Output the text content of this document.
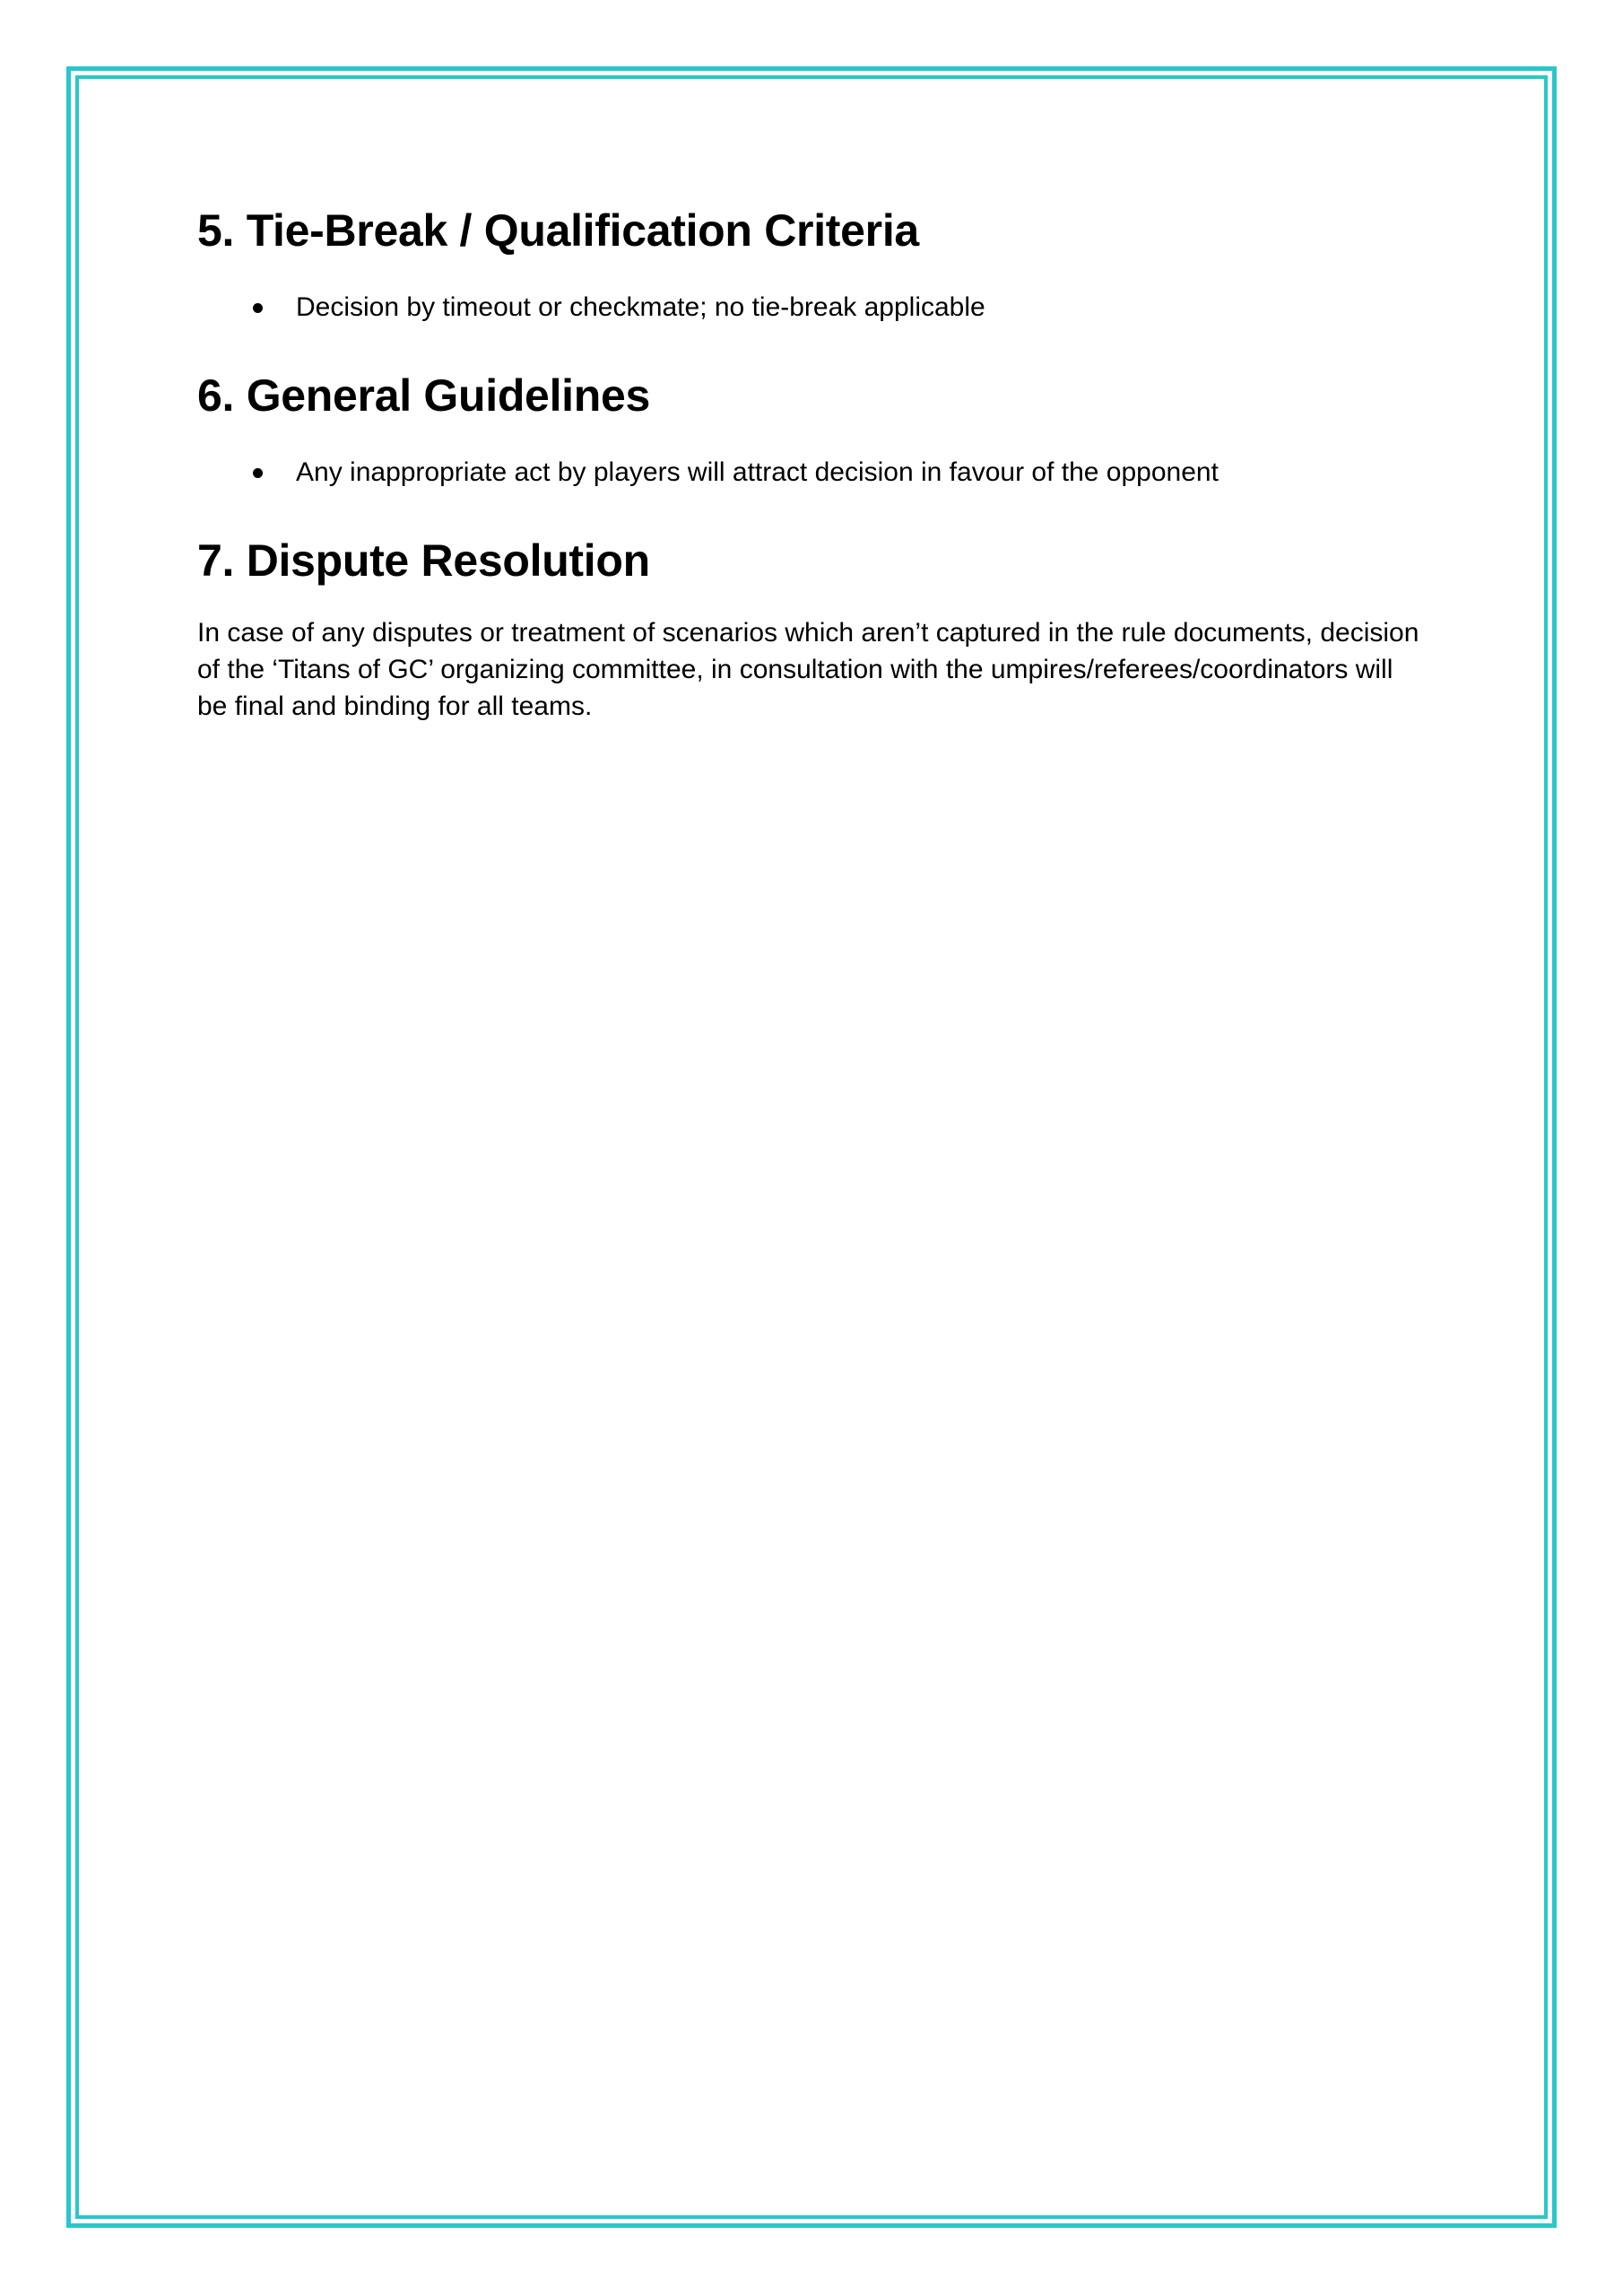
5. Tie-Break / Qualification Criteria
Decision by timeout or checkmate; no tie-break applicable
6. General Guidelines
Any inappropriate act by players will attract decision in favour of the opponent
7. Dispute Resolution

In case of any disputes or treatment of scenarios which aren’t captured in the rule documents, decision of the ‘Titans of GC’ organizing committee, in consultation with the umpires/referees/coordinators will be final and binding for all teams.
